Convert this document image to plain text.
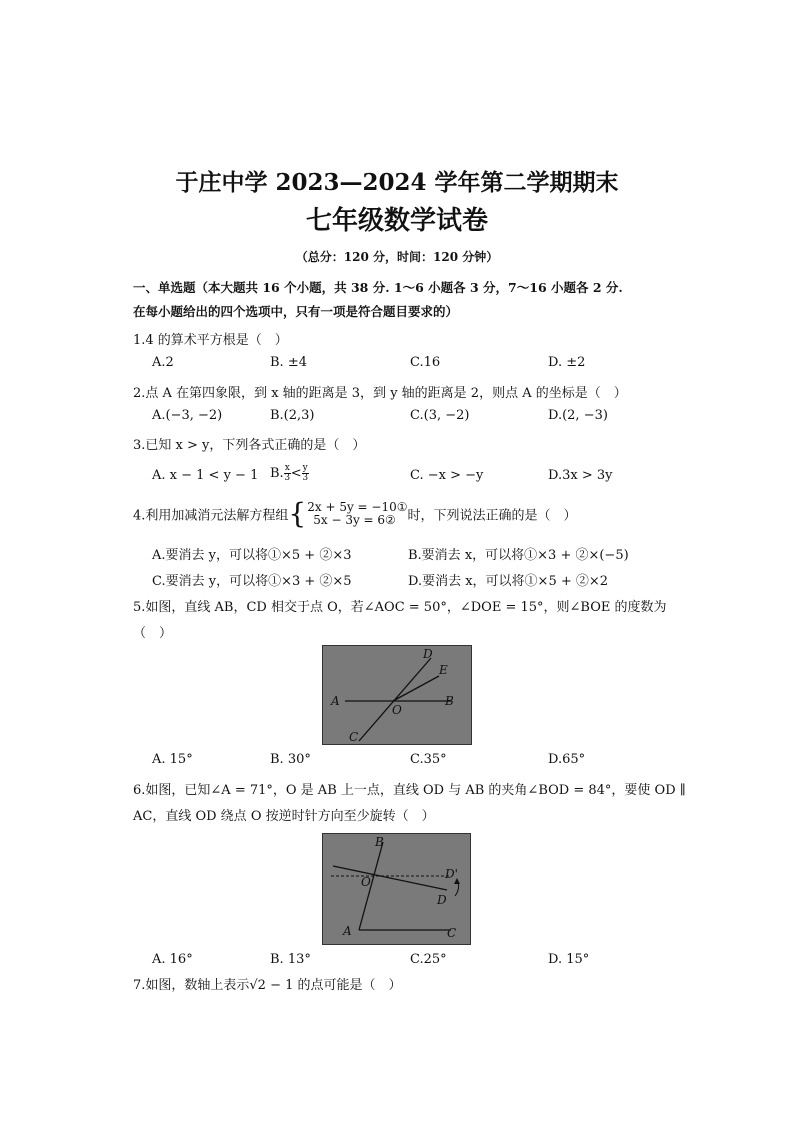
于庄中学 2023—2024 学年第二学期期末
七年级数学试卷
（总分：120 分，时间：120 分钟）
一、单选题（本大题共 16 个小题，共 38 分. 1～6 小题各 3 分，7～16 小题各 2 分.
在每小题给出的四个选项中，只有一项是符合题目要求的）
1.4 的算术平方根是（　）
A.2	B. ±4	C.16	D. ±2
2.点 A 在第四象限，到 x 轴的距离是 3，到 y 轴的距离是 2，则点 A 的坐标是（　）
A.(−3, −2)	B.(2,3)	C.(3, −2)	D.(2, −3)
3.已知 x > y，下列各式正确的是（　）
A. x − 1 < y − 1 B. $\frac{x}{3} < \frac{y}{3}$	C. −x > −y	D.3x > 3y
4.利用加减消元法解方程组{ 2x + 5y = −10①
5x − 3y = 6② 时，下列说法正确的是（　）
A.要消去 y，可以将①×5 + ②×3	B.要消去 x，可以将①×3 + ②×(−5)
C.要消去 y，可以将①×3 + ②×5	D.要消去 x，可以将①×5 + ②×2
5.如图，直线 AB，CD 相交于点 O，若∠AOC = 50°，∠DOE = 15°，则∠BOE 的度数为
（　）
D
E
A
O
B
C
A. 15°	B. 30°	C.35°	D.65°
6.如图，已知∠A = 71°，O 是 AB 上一点，直线 OD 与 AB 的夹角∠BOD = 84°，要使 OD ∥
AC，直线 OD 绕点 O 按逆时针方向至少旋转（　）
B
O
D'
D
A	C
A. 16°	B. 13°	C.25°	D. 15°
7.如图，数轴上表示√2 − 1 的点可能是（　）
